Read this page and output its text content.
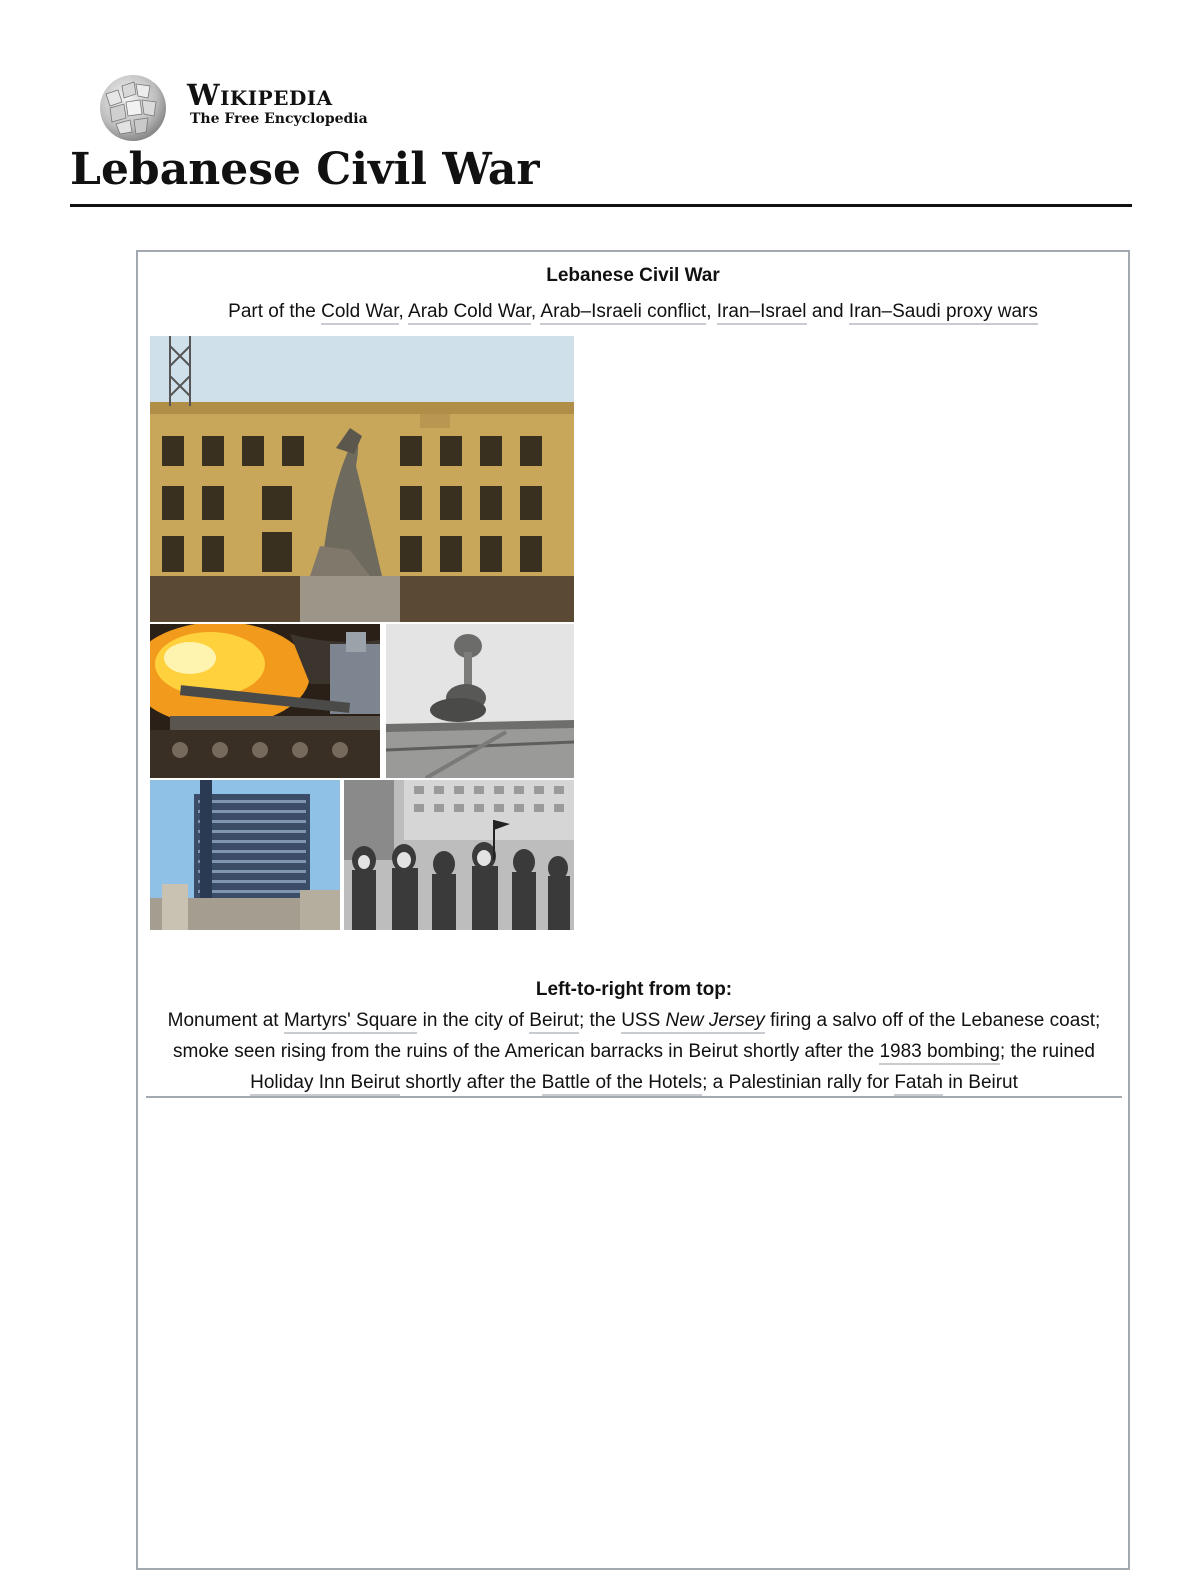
Wikipedia
The Free Encyclopedia
Lebanese Civil War
Lebanese Civil War
Part of the Cold War, Arab Cold War, Arab–Israeli conflict, Iran–Israel and Iran–Saudi proxy wars
Left-to-right from top:
Monument at Martyrs' Square in the city of Beirut; the USS New Jersey firing a salvo off of the Lebanese coast; smoke seen rising from the ruins of the American barracks in Beirut shortly after the 1983 bombing; the ruined Holiday Inn Beirut shortly after the Battle of the Hotels; a Palestinian rally for Fatah in Beirut
